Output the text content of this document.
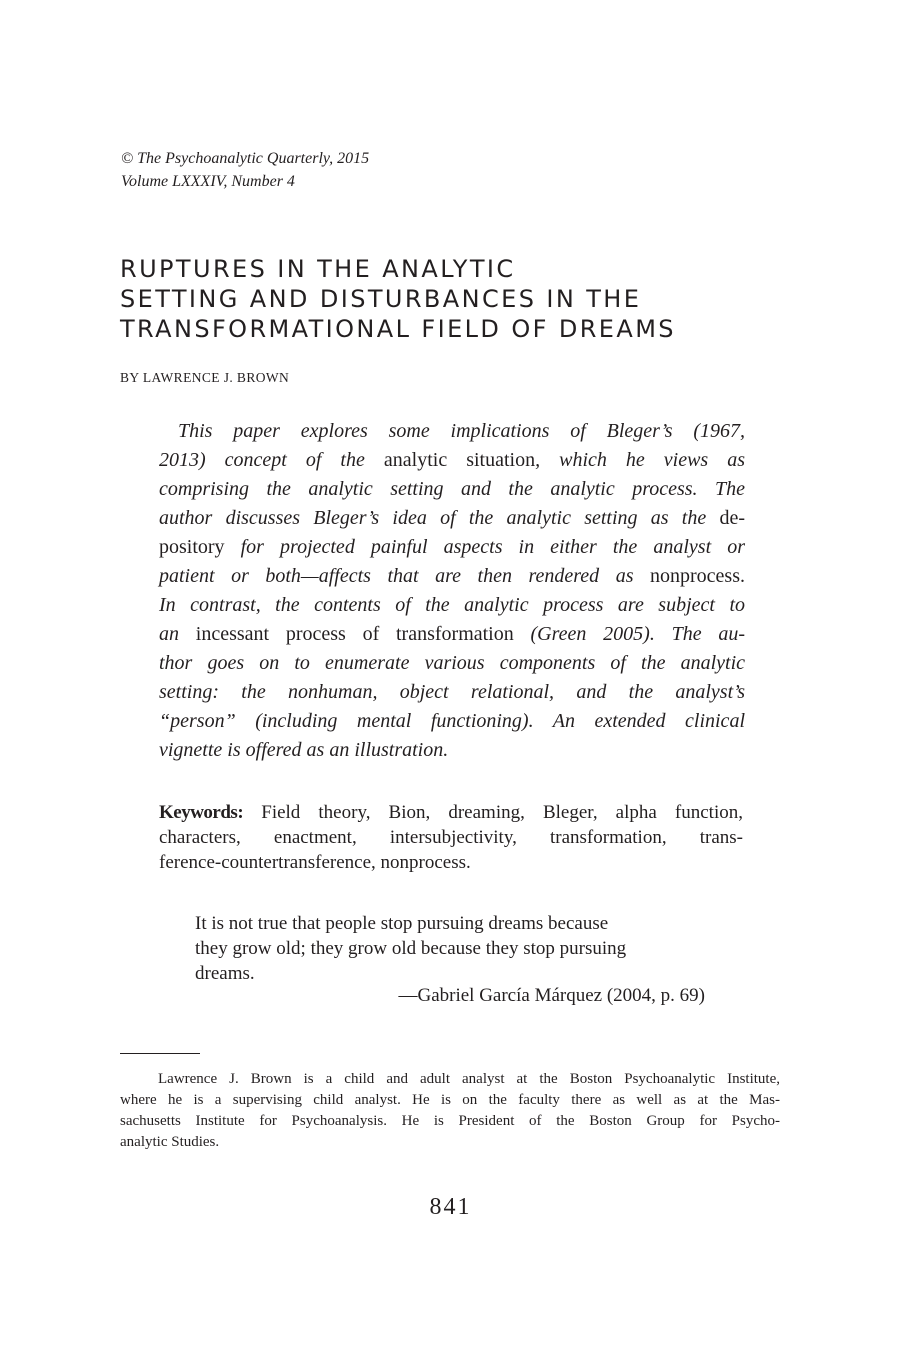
© The Psychoanalytic Quarterly, 2015
Volume LXXXIV, Number 4
RUPTURES IN THE ANALYTIC
SETTING AND DISTURBANCES IN THE
TRANSFORMATIONAL FIELD OF DREAMS
BY LAWRENCE J. BROWN
This paper explores some implications of Bleger’s (1967,
2013) concept of the analytic situation, which he views as
comprising the analytic setting and the analytic process. The
author discusses Bleger’s idea of the analytic setting as the de-
pository for projected painful aspects in either the analyst or
patient or both—affects that are then rendered as nonprocess.
In contrast, the contents of the analytic process are subject to
an incessant process of transformation (Green 2005). The au-
thor goes on to enumerate various components of the analytic
setting: the nonhuman, object relational, and the analyst’s
“person” (including mental functioning). An extended clinical
vignette is offered as an illustration.
Keywords: Field theory, Bion, dreaming, Bleger, alpha function,
characters, enactment, intersubjectivity, transformation, trans-
ference-countertransference, nonprocess.
It is not true that people stop pursuing dreams because
they grow old; they grow old because they stop pursuing
dreams.
—Gabriel García Márquez (2004, p. 69)
Lawrence J. Brown is a child and adult analyst at the Boston Psychoanalytic Institute,
where he is a supervising child analyst. He is on the faculty there as well as at the Mas-
sachusetts Institute for Psychoanalysis. He is President of the Boston Group for Psycho-
analytic Studies.
841
